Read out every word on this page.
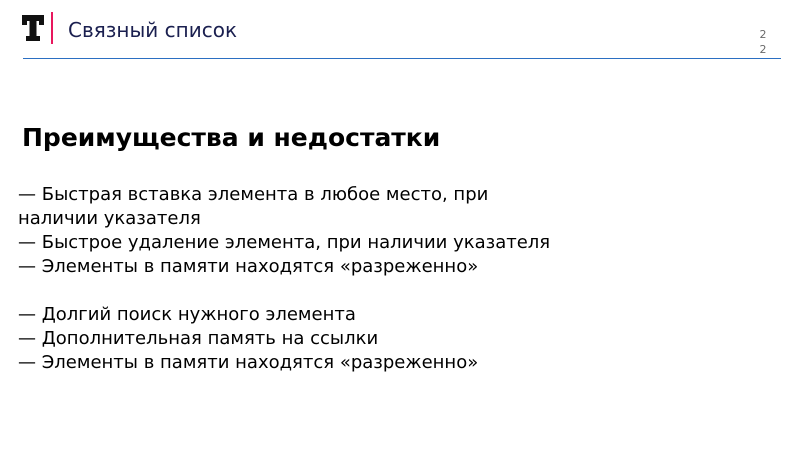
Связный список	2
2
Преимущества и недостатки
— Быстрая вставка элемента в любое место, при
наличии указателя
— Быстрое удаление элемента, при наличии указателя
— Элементы в памяти находятся «разреженно»
— Долгий поиск нужного элемента
— Дополнительная память на ссылки
— Элементы в памяти находятся «разреженно»
